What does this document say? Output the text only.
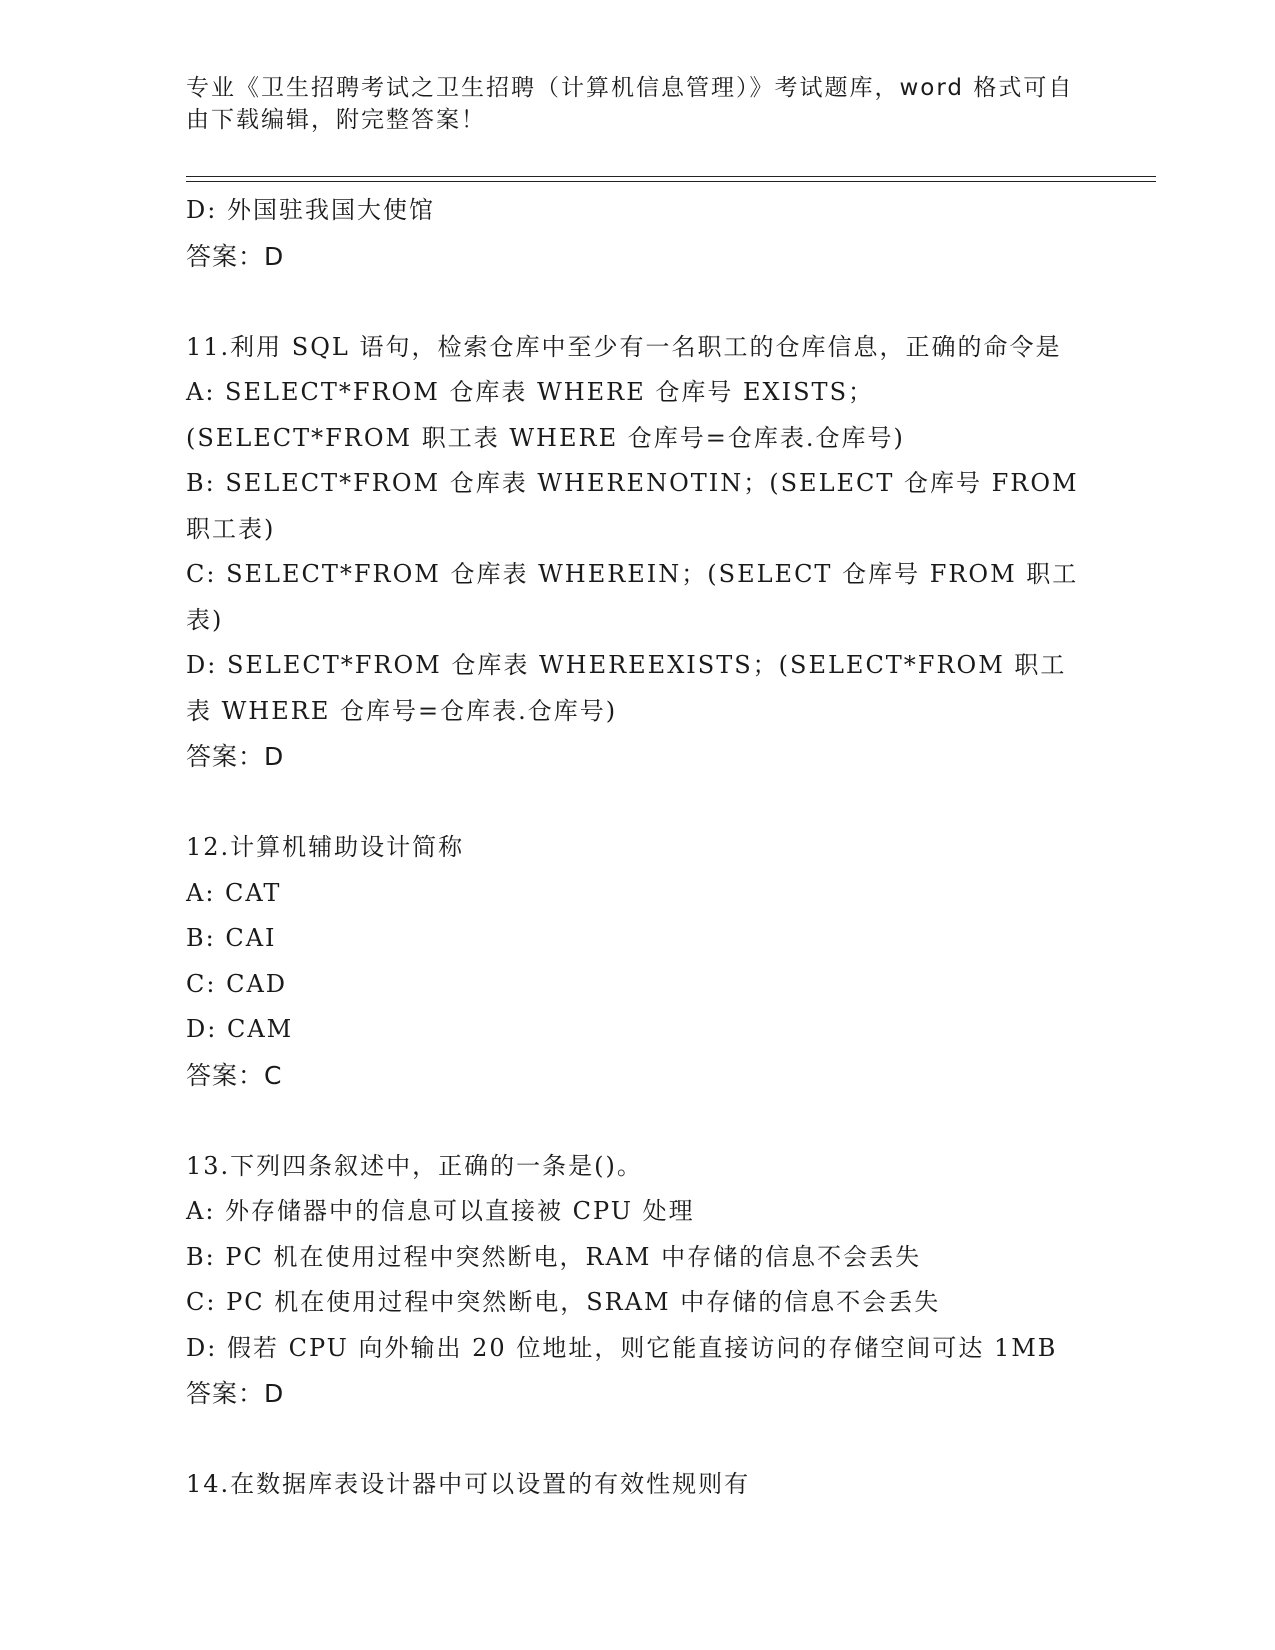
专业《卫生招聘考试之卫生招聘（计算机信息管理）》考试题库，word 格式可自由下载编辑，附完整答案！
D: 外国驻我国大使馆
答案：D
11.利用 SQL 语句，检索仓库中至少有一名职工的仓库信息，正确的命令是
A: SELECT*FROM 仓库表 WHERE 仓库号 EXISTS；(SELECT*FROM 职工表 WHERE 仓库号=仓库表.仓库号)
B: SELECT*FROM 仓库表 WHERENOTIN；(SELECT 仓库号 FROM 职工表)
C: SELECT*FROM 仓库表 WHEREIN；(SELECT 仓库号 FROM 职工表)
D: SELECT*FROM 仓库表 WHEREEXISTS；(SELECT*FROM 职工表 WHERE 仓库号=仓库表.仓库号)
答案：D
12.计算机辅助设计简称
A: CAT
B: CAI
C: CAD
D: CAM
答案：C
13.下列四条叙述中，正确的一条是()。
A: 外存储器中的信息可以直接被 CPU 处理
B: PC 机在使用过程中突然断电，RAM 中存储的信息不会丢失
C: PC 机在使用过程中突然断电，SRAM 中存储的信息不会丢失
D: 假若 CPU 向外输出 20 位地址，则它能直接访问的存储空间可达 1MB
答案：D
14.在数据库表设计器中可以设置的有效性规则有
